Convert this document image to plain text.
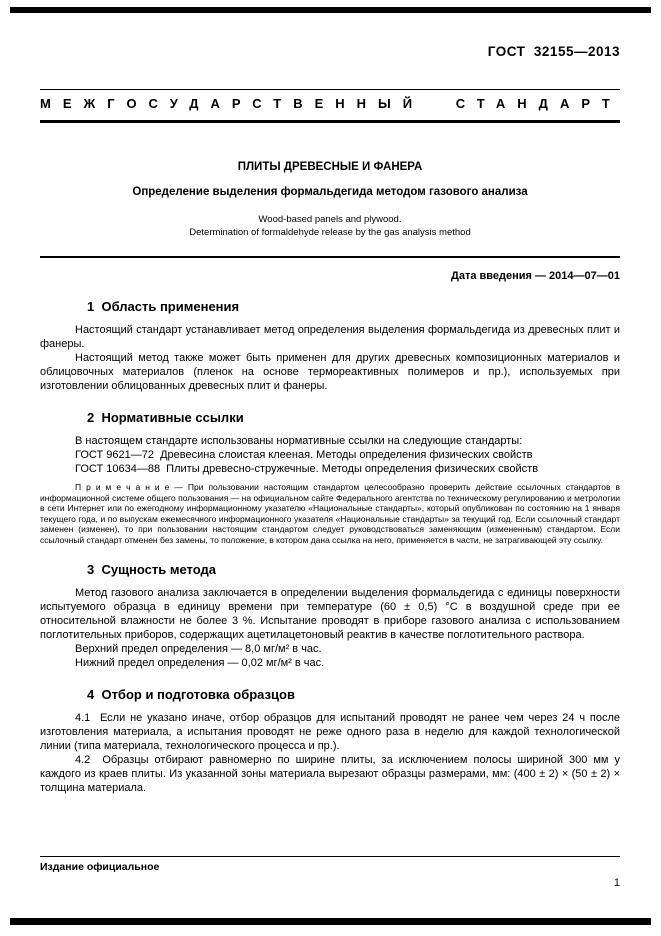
ГОСТ  32155—2013
МЕЖГОСУДАРСТВЕННЫЙ СТАНДАРТ
ПЛИТЫ ДРЕВЕСНЫЕ И ФАНЕРА
Определение выделения формальдегида методом газового анализа
Wood-based panels and plywood.
Determination of formaldehyde release by the gas analysis method
Дата введения — 2014—07—01
1  Область применения

Настоящий стандарт устанавливает метод определения выделения формальдегида из древесных плит и фанеры.

Настоящий метод также может быть применен для других древесных композиционных материалов и облицовочных материалов (пленок на основе термореактивных полимеров и пр.), используемых при изготовлении облицованных древесных плит и фанеры.

2  Нормативные ссылки

В настоящем стандарте использованы нормативные ссылки на следующие стандарты:

ГОСТ 9621—72  Древесина слоистая клееная. Методы определения физических свойств

ГОСТ 10634—88  Плиты древесно-стружечные. Методы определения физических свойств

П р и м е ч а н и е — При пользовании настоящим стандартом целесообразно проверить действие ссылочных стандартов в информационной системе общего пользования — на официальном сайте Федерального агентства по техническому регулированию и метрологии в сети Интернет или по ежегодному информационному указателю «Национальные стандарты», который опубликован по состоянию на 1 января текущего года, и по выпускам ежемесячного информационного указателя «Национальные стандарты» за текущий год. Если ссылочный стандарт заменен (изменен), то при пользовании настоящим стандартом следует руководствоваться заменяющим (измененным) стандартом. Если ссылочный стандарт отменен без замены, то положение, в котором дана ссылка на него, применяется в части, не затрагивающей эту ссылку.

3  Сущность метода

Метод газового анализа заключается в определении выделения формальдегида с единицы поверхности испытуемого образца в единицу времени при температуре (60 ± 0,5) °С в воздушной среде при ее относительной влажности не более 3 %. Испытание проводят в приборе газового анализа с использованием поглотительных приборов, содержащих ацетилацетоновый реактив в качестве поглотительного раствора.

Верхний предел определения — 8,0 мг/м² в час.

Нижний предел определения — 0,02 мг/м² в час.

4  Отбор и подготовка образцов

4.1  Если не указано иначе, отбор образцов для испытаний проводят не ранее чем через 24 ч после изготовления материала, а испытания проводят не реже одного раза в неделю для каждой технологической линии (типа материала, технологического процесса и пр.).

4.2  Образцы отбирают равномерно по ширине плиты, за исключением полосы шириной 300 мм у каждого из краев плиты. Из указанной зоны материала вырезают образцы размерами, мм: (400 ± 2) × (50 ± 2) × толщина материала.

Издание официальное
1
